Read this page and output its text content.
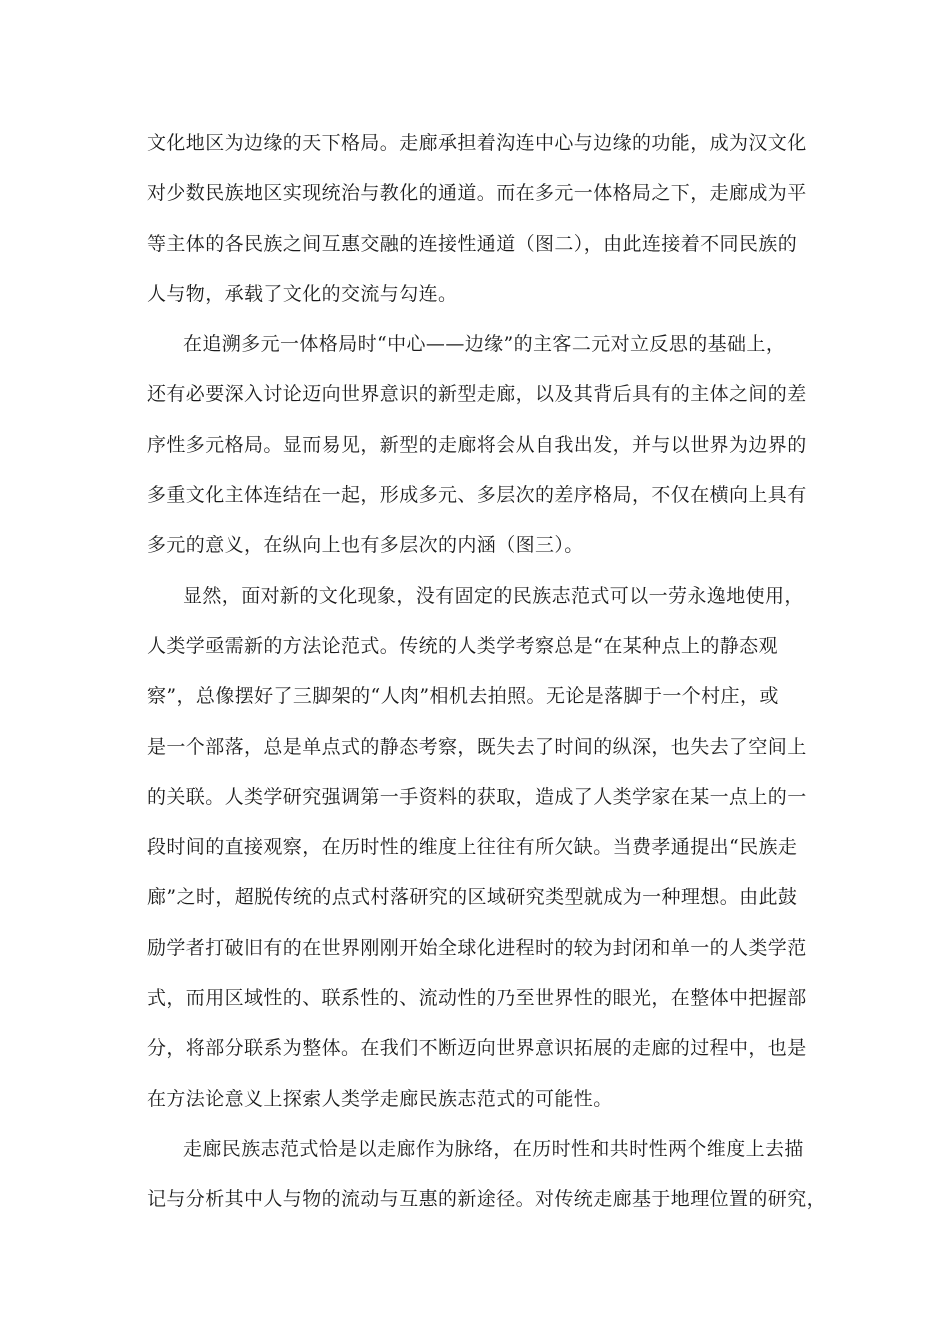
文化地区为边缘的天下格局。走廊承担着沟连中心与边缘的功能，成为汉文化
对少数民族地区实现统治与教化的通道。而在多元一体格局之下，走廊成为平
等主体的各民族之间互惠交融的连接性通道（图二），由此连接着不同民族的
人与物，承载了文化的交流与勾连。
在追溯多元一体格局时“中心——边缘”的主客二元对立反思的基础上，
还有必要深入讨论迈向世界意识的新型走廊，以及其背后具有的主体之间的差
序性多元格局。显而易见，新型的走廊将会从自我出发，并与以世界为边界的
多重文化主体连结在一起，形成多元、多层次的差序格局，不仅在横向上具有
多元的意义，在纵向上也有多层次的内涵（图三）。
显然，面对新的文化现象，没有固定的民族志范式可以一劳永逸地使用，
人类学亟需新的方法论范式。传统的人类学考察总是“在某种点上的静态观
察”，总像摆好了三脚架的“人肉”相机去拍照。无论是落脚于一个村庄，或
是一个部落，总是单点式的静态考察，既失去了时间的纵深，也失去了空间上
的关联。人类学研究强调第一手资料的获取，造成了人类学家在某一点上的一
段时间的直接观察，在历时性的维度上往往有所欠缺。当费孝通提出“民族走
廊”之时，超脱传统的点式村落研究的区域研究类型就成为一种理想。由此鼓
励学者打破旧有的在世界刚刚开始全球化进程时的较为封闭和单一的人类学范
式，而用区域性的、联系性的、流动性的乃至世界性的眼光，在整体中把握部
分，将部分联系为整体。在我们不断迈向世界意识拓展的走廊的过程中，也是
在方法论意义上探索人类学走廊民族志范式的可能性。
走廊民族志范式恰是以走廊作为脉络，在历时性和共时性两个维度上去描
记与分析其中人与物的流动与互惠的新途径。对传统走廊基于地理位置的研究，
